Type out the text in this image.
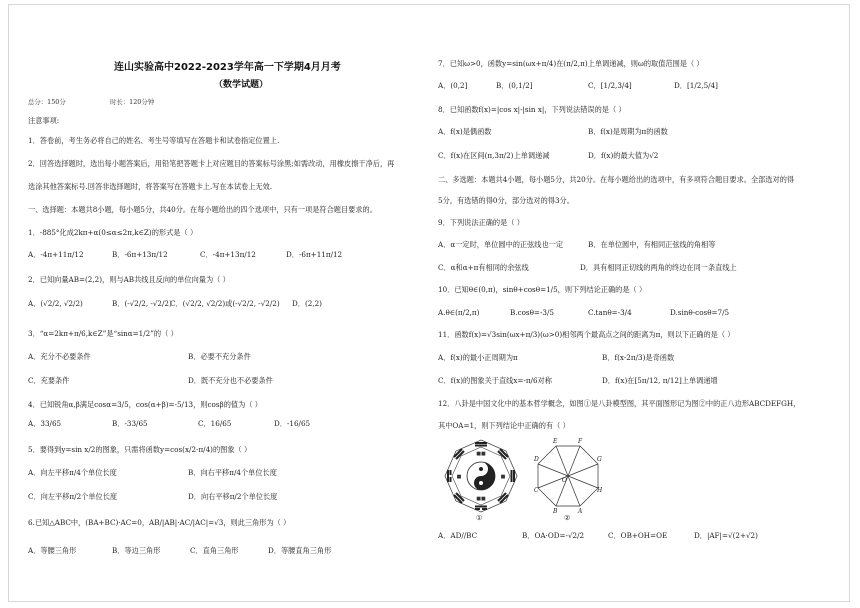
连山实验高中2022-2023学年高一下学期4月月考
（数学试题）
总分：150分	时长：120分钟
注意事项:
1．答卷前，考生务必将自己的姓名、考生号等填写在答题卡和试卷指定位置上.
2．回答选择题时，选出每小题答案后，用铅笔把答题卡上对应题目的答案标号涂黑;如需改动，用橡皮擦干净后，再
选涂其他答案标号.回答非选择题时，将答案写在答题卡上.写在本试卷上无效.
一、选择题：本题共8小题，每小题5分，共40分。在每小题给出的四个选项中，只有一项是符合题目要求的。
1．-885°化成2kπ+α(0≤α≤2π,k∈Z)的形式是（ ）
A．-4π+11π/12	B．-6π+13π/12	C．-4π+13π/12	D．-6π+11π/12
2．已知向量AB=(2,2)，则与AB共线且反向的单位向量为（ ）
A．(√2/2, √2/2)	B．(-√2/2, -√2/2)
C．(√2/2, √2/2)或(-√2/2, -√2/2) D．(2,2)
3．“α=2kπ+π/6,k∈Z”是“sinα=1/2”的（ ）
A．充分不必要条件	B．必要不充分条件
C．充要条件	D．既不充分也不必要条件
4．已知锐角α,β满足cosα=3/5，cos(α+β)=-5/13，则cosβ的值为（ ）
A．33/65	B．-33/65	C．16/65	D．-16/65
5．要得到y=sin x/2的图象，只需将函数y=cos(x/2-π/4)的图象（ ）
A．向左平移π/4个单位长度	B．向右平移π/4个单位长度
C．向左平移π/2个单位长度	D．向右平移π/2个单位长度
6.已知△ABC中，(BA+BC)·AC=0，AB/|AB|·AC/|AC|=√3，则此三角形为（ ）
A．等腰三角形	B．等边三角形	C．直角三角形	D．等腰直角三角形
7．已知ω>0，函数y=sin(ωx+π/4)在(π/2,π)上单调递减，则ω的取值范围是（ ）
A．(0,2]	B．(0,1/2]	C．[1/2,3/4]	D．[1/2,5/4]
8．已知函数f(x)=|cos x|-|sin x|，下列说法错误的是（ ）
A．f(x)是偶函数	B．f(x)是周期为π的函数
C．f(x)在区间(π,3π/2)上单调递减	D．f(x)的最大值为√2
二、多选题：本题共4小题，每小题5分，共20分。在每小题给出的选项中，有多项符合题目要求。全部选对的得
5分，有选错的得0分，部分选对的得3分。
9．下列说法正确的是（ ）
A．α一定时，单位圆中的正弦线也一定	B．在单位圆中，有相同正弦线的角相等
C．α和α+π有相同的余弦线	D．具有相同正切线的两角的终边在同一条直线上
10．已知θ∈(0,π)，sinθ+cosθ=1/5，则下列结论正确的是（ ）
A.θ∈(π/2,π)	B.cosθ=-3/5	C.tanθ=-3/4	D.sinθ-cosθ=7/5
11．函数f(x)=√3sin(ωx+π/3)(ω>0)相邻两个最高点之间的距离为π，则以下正确的是（ ）
A．f(x)的最小正周期为π	B．f(x-2π/3)是奇函数
C．f(x)的图象关于直线x=-π/6对称	D．f(x)在[5π/12, π/12]上单调递增
12．八卦是中国文化中的基本哲学概念，如图①是八卦模型图，其平面图形记为图②中的正八边形ABCDEFGH，
其中OA=1，则下列结论中正确的有（ ）
■■
■■
■	■
①
E	F
D	G
C	H
O
B	A
②
A．AD//BC	B．OA·OD=-√2/2	C．OB+OH=OE	D．|AF|=√(2+√2)
